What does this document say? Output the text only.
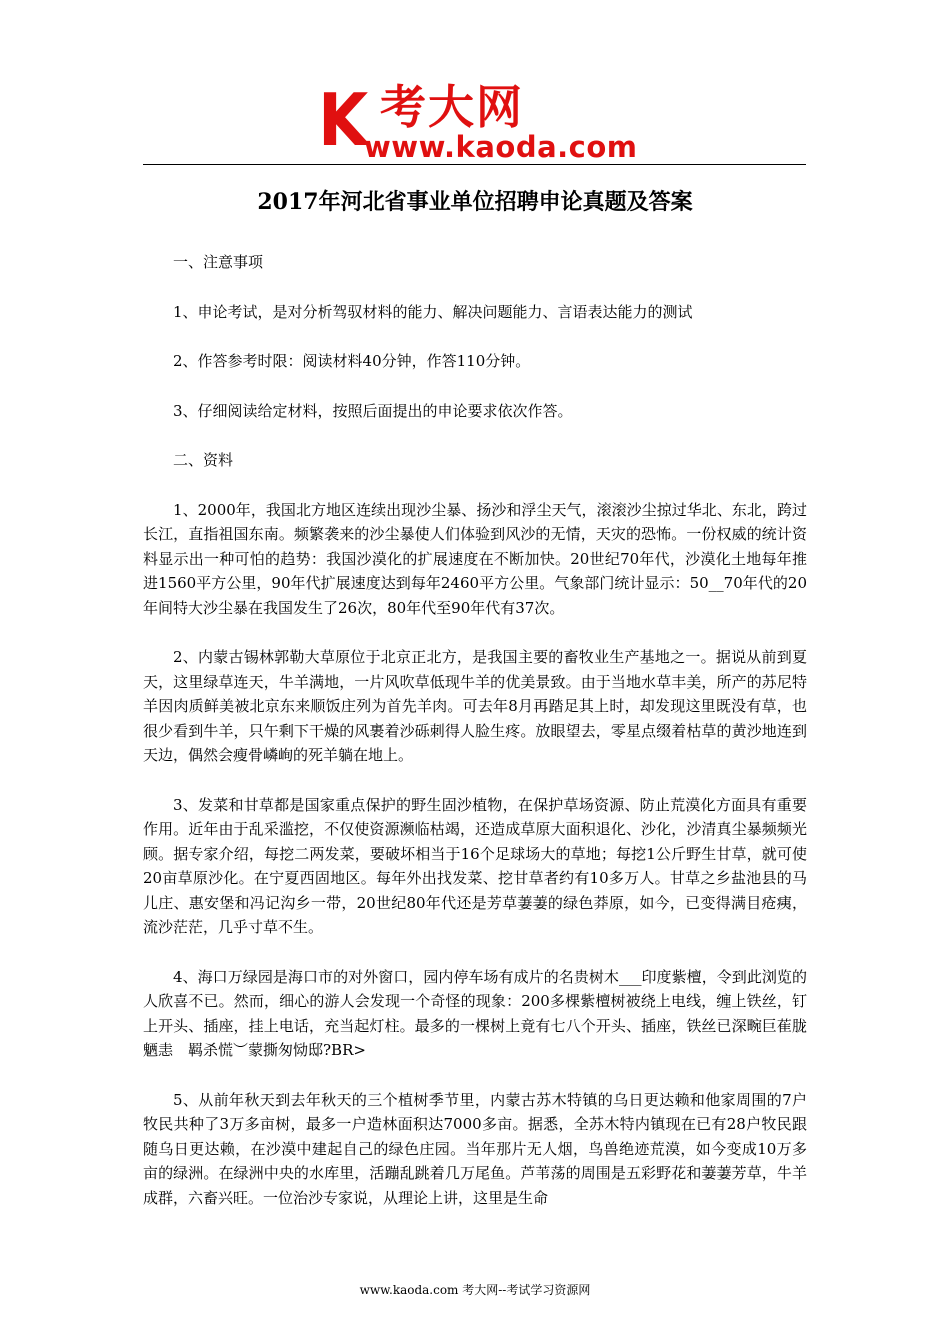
K 考大网
www.kaoda.com
2017年河北省事业单位招聘申论真题及答案

一、注意事项

1、申论考试，是对分析驾驭材料的能力、解决问题能力、言语表达能力的测试

2、作答参考时限：阅读材料40分钟，作答110分钟。

3、仔细阅读给定材料，按照后面提出的申论要求依次作答。

二、资料

1、2000年，我国北方地区连续出现沙尘暴、扬沙和浮尘天气，滚滚沙尘掠过华北、东北，跨过长江，直指祖国东南。频繁袭来的沙尘暴使人们体验到风沙的无情，天灾的恐怖。一份权威的统计资料显示出一种可怕的趋势：我国沙漠化的扩展速度在不断加快。20世纪70年代，沙漠化土地每年推进1560平方公里，90年代扩展速度达到每年2460平方公里。气象部门统计显示：50__70年代的20年间特大沙尘暴在我国发生了26次，80年代至90年代有37次。

2、内蒙古锡林郭勒大草原位于北京正北方，是我国主要的畜牧业生产基地之一。据说从前到夏天，这里绿草连天，牛羊满地，一片风吹草低现牛羊的优美景致。由于当地水草丰美，所产的苏尼特羊因肉质鲜美被北京东来顺饭庄列为首先羊肉。可去年8月再踏足其上时，却发现这里既没有草，也很少看到牛羊，只午剩下干燥的风裹着沙砾刺得人脸生疼。放眼望去，零星点缀着枯草的黄沙地连到天边，偶然会瘦骨嶙峋的死羊躺在地上。

3、发菜和甘草都是国家重点保护的野生固沙植物，在保护草场资源、防止荒漠化方面具有重要作用。近年由于乱采滥挖，不仅使资源濒临枯竭，还造成草原大面积退化、沙化，沙清真尘暴频频光顾。据专家介绍，每挖二两发菜，要破坏相当于16个足球场大的草地；每挖1公斤野生甘草，就可使20亩草原沙化。在宁夏西固地区。每年外出找发菜、挖甘草者约有10多万人。甘草之乡盐池县的马儿庄、惠安堡和冯记沟乡一带，20世纪80年代还是芳草萋萋的绿色莽原，如今，已变得满目疮痍，流沙茫茫，几乎寸草不生。

4、海口万绿园是海口市的对外窗口，园内停车场有成片的名贵树木___印度紫檀，令到此浏览的人欣喜不已。然而，细心的游人会发现一个奇怪的现象：200多棵紫檀树被绕上电线，缠上铁丝，钉上开头、插座，挂上电话，充当起灯柱。最多的一棵树上竟有七八个开头、插座，铁丝已深畹巨萑胧魉恚　羁杀慌︶蒙撕匆恸邸?BR>

5、从前年秋天到去年秋天的三个植树季节里，内蒙古苏木特镇的乌日更达赖和他家周围的7户牧民共种了3万多亩树，最多一户造林面积达7000多亩。据悉，全苏木特内镇现在已有28户牧民跟随乌日更达赖，在沙漠中建起自己的绿色庄园。当年那片无人烟，鸟兽绝迹荒漠，如今变成10万多亩的绿洲。在绿洲中央的水库里，活蹦乱跳着几万尾鱼。芦苇荡的周围是五彩野花和萋萋芳草，牛羊成群，六畜兴旺。一位治沙专家说，从理论上讲，这里是生命

www.kaoda.com 考大网--考试学习资源网
